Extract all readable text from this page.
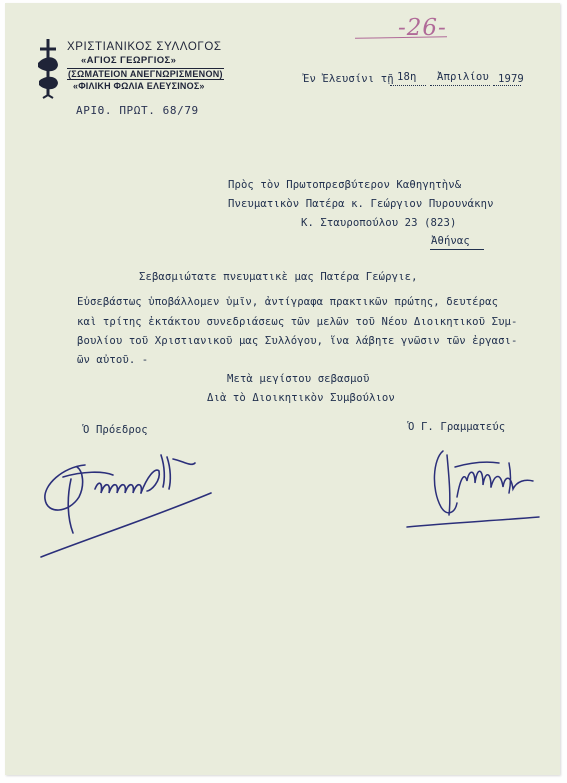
ΧΡΙΣΤΙΑΝΙΚΟΣ ΣΥΛΛΟΓΟΣ
«ΑΓΙΟΣ ΓΕΩΡΓΙΟΣ»
(ΣΩΜΑΤΕΙΟΝ ΑΝΕΓΝΩΡΙΣΜΕΝΟΝ)
«ΦΙΛΙΚΗ ΦΩΛΙΑ ΕΛΕΥΣΙΝΟΣ»
ΑΡΙΘ. ΠΡΩΤ. 68/79
-26-
Ἐν Ἐλευσίνι τῇ 18η Ἀπριλίου 1979
Πρὸς τὸν Πρωτοπρεσβύτερον Καθηγητὴν&
Πνευματικὸν Πατέρα κ. Γεώργιον Πυρουνάκην
Κ. Σταυροπούλου 23 (823)
Ἀθήνας
Σεβασμιώτατε πνευματικὲ μας Πατέρα Γεώργιε,
Εὐσεβάστως ὑποβάλλομεν ὑμῖν, ἀντίγραφα πρακτικῶν πρώτης, δευτέρας
καὶ τρίτης ἐκτάκτου συνεδριάσεως τῶν μελῶν τοῦ Νέου Διοικητικοῦ Συμ-
βουλίου τοῦ Χριστιανικοῦ μας Συλλόγου, ἵνα λάβητε γνῶσιν τῶν ἐργασι-
ῶν αὐτοῦ. -
Μετὰ μεγίστου σεβασμοῦ
Διὰ τὸ Διοικητικὸν Συμβούλιον
Ὁ Πρόεδρος	Ὁ Γ. Γραμματεύς
